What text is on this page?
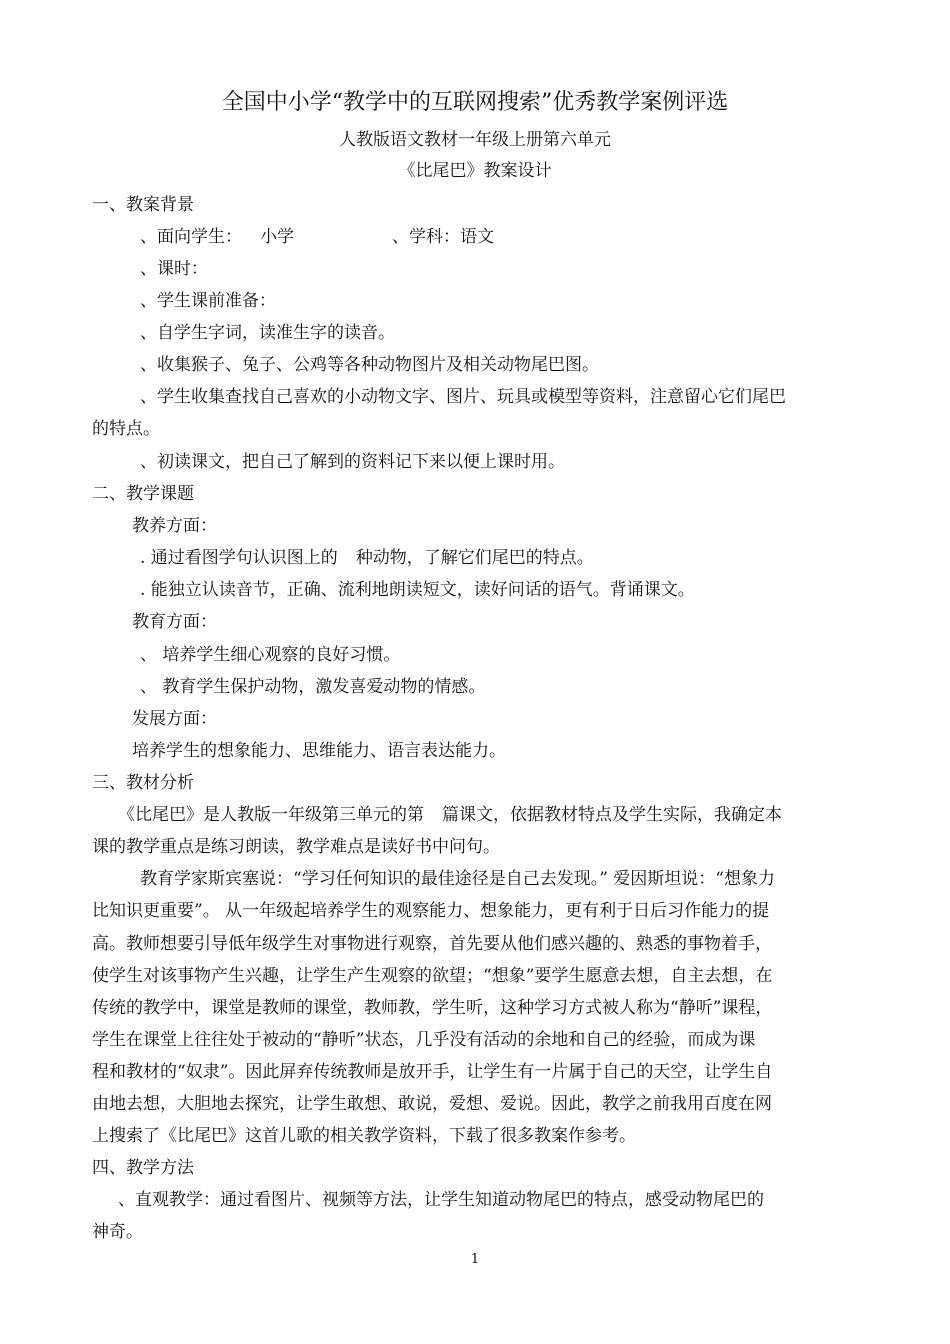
全国中小学“教学中的互联网搜索”优秀教学案例评选
人教版语文教材一年级上册第六单元
《比尾巴》教案设计
一、教案背景
、面向学生： 小学	、学科：语文
、课时：
、学生课前准备：
、自学生字词，读准生字的读音。
、收集猴子、兔子、公鸡等各种动物图片及相关动物尾巴图。
、学生收集查找自己喜欢的小动物文字、图片、玩具或模型等资料，注意留心它们尾巴
的特点。
、初读课文，把自己了解到的资料记下来以便上课时用。
二、教学课题
教养方面：
. 通过看图学句认识图上的 种动物，了解它们尾巴的特点。
. 能独立认读音节，正确、流利地朗读短文，读好问话的语气。背诵课文。
教育方面：
、 培养学生细心观察的良好习惯。
、 教育学生保护动物，激发喜爱动物的情感。
发展方面：
培养学生的想象能力、思维能力、语言表达能力。
三、教材分析
《比尾巴》是人教版一年级第三单元的第 篇课文，依据教材特点及学生实际，我确定本
课的教学重点是练习朗读，教学难点是读好书中问句。
教育学家斯宾塞说：“学习任何知识的最佳途径是自己去发现。” 爱因斯坦说：“想象力
比知识更重要”。 从一年级起培养学生的观察能力、想象能力，更有利于日后习作能力的提
高。教师想要引导低年级学生对事物进行观察，首先要从他们感兴趣的、熟悉的事物着手，
使学生对该事物产生兴趣，让学生产生观察的欲望；“想象”要学生愿意去想，自主去想，在
传统的教学中，课堂是教师的课堂，教师教，学生听，这种学习方式被人称为“静听”课程，
学生在课堂上往往处于被动的“静听”状态，几乎没有活动的余地和自己的经验，而成为课
程和教材的“奴隶”。因此屏弃传统教师是放开手，让学生有一片属于自己的天空，让学生自
由地去想，大胆地去探究，让学生敢想、敢说，爱想、爱说。因此，教学之前我用百度在网
上搜索了《比尾巴》这首儿歌的相关教学资料，下载了很多教案作参考。
四、教学方法
、直观教学：通过看图片、视频等方法，让学生知道动物尾巴的特点，感受动物尾巴的
神奇。
1
